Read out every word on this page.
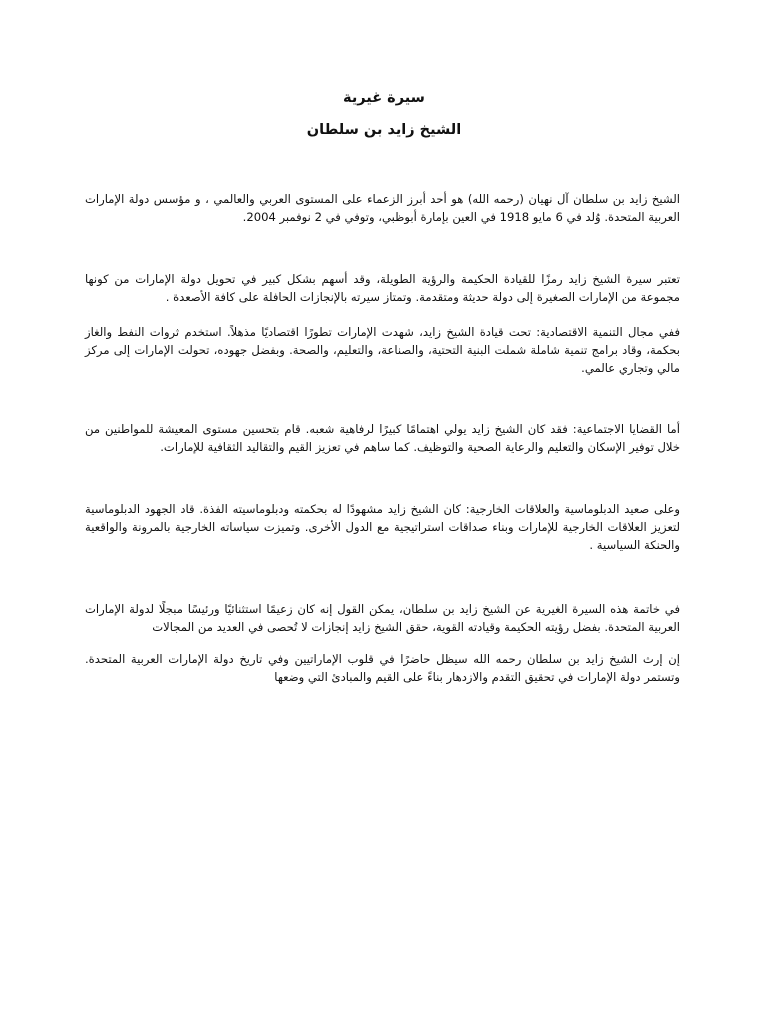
سيرة غيرية
الشيخ زايد بن سلطان

الشيخ زايد بن سلطان آل نهيان (رحمه الله) هو أحد أبرز الزعماء على المستوى العربي والعالمي ، و مؤسس دولة الإمارات العربية المتحدة. وُلد في 6 مايو 1918 في العين بإمارة أبوظبي، وتوفي في 2 نوفمبر 2004.

تعتبر سيرة الشيخ زايد رمزًا للقيادة الحكيمة والرؤية الطويلة، وقد أسهم بشكل كبير في تحويل دولة الإمارات من كونها مجموعة من الإمارات الصغيرة إلى دولة حديثة ومتقدمة. وتمتاز سيرته بالإنجازات الحافلة على كافة الأصعدة .

ففي مجال التنمية الاقتصادية: تحت قيادة الشيخ زايد، شهدت الإمارات تطورًا اقتصاديًا مذهلاً. استخدم ثروات النفط والغاز بحكمة، وقاد برامج تنمية شاملة شملت البنية التحتية، والصناعة، والتعليم، والصحة. وبفضل جهوده، تحولت الإمارات إلى مركز مالي وتجاري عالمي.

أما القضايا الاجتماعية: فقد كان الشيخ زايد يولي اهتمامًا كبيرًا لرفاهية شعبه. قام بتحسين مستوى المعيشة للمواطنين من خلال توفير الإسكان والتعليم والرعاية الصحية والتوظيف. كما ساهم في تعزيز القيم والتقاليد الثقافية للإمارات.

وعلى صعيد الدبلوماسية والعلاقات الخارجية: كان الشيخ زايد مشهودًا له بحكمته ودبلوماسيته الفذة. قاد الجهود الدبلوماسية لتعزيز العلاقات الخارجية للإمارات وبناء صداقات استراتيجية مع الدول الأخرى. وتميزت سياساته الخارجية بالمرونة والواقعية والحنكة السياسية .

في خاتمة هذه السيرة الغيرية عن الشيخ زايد بن سلطان، يمكن القول إنه كان زعيمًا استثنائيًا ورئيسًا مبجلًا لدولة الإمارات العربية المتحدة. بفضل رؤيته الحكيمة وقيادته القوية، حقق الشيخ زايد إنجازات لا تُحصى في العديد من المجالات

إن إرث الشيخ زايد بن سلطان رحمه الله سيظل حاضرًا في قلوب الإماراتيين وفي تاريخ دولة الإمارات العربية المتحدة. وتستمر دولة الإمارات في تحقيق التقدم والازدهار بناءً على القيم والمبادئ التي وضعها
